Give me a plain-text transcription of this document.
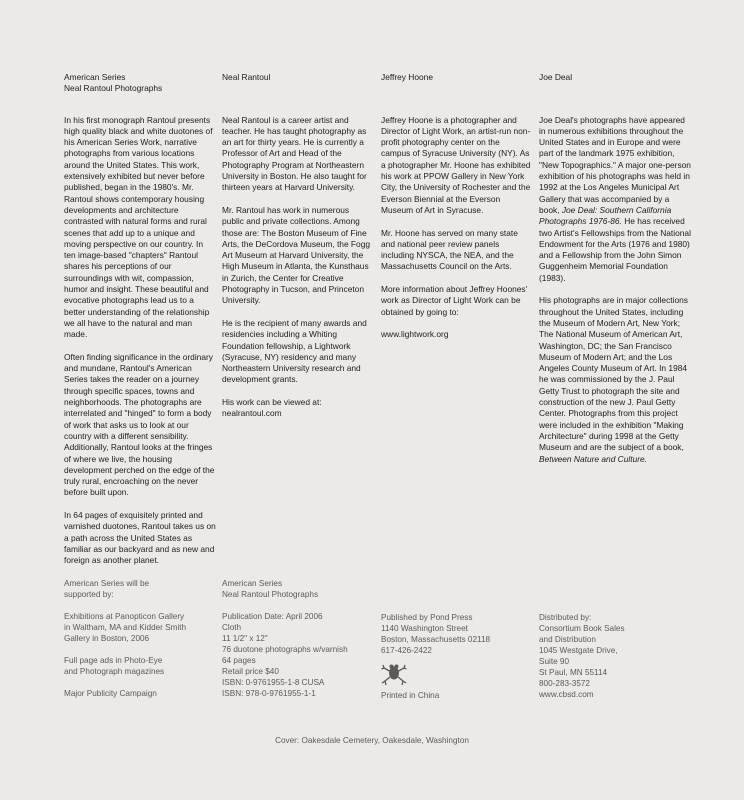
American Series
Neal Rantoul Photographs

In his first monograph Rantoul presents high quality black and white duotones of his American Series Work, narrative photographs from various locations around the United States. This work, extensively exhibited but never before published, began in the 1980's. Mr. Rantoul shows contemporary housing developments and architecture contrasted with natural forms and rural scenes that add up to a unique and moving perspective on our country. In ten image-based "chapters" Rantoul shares his perceptions of our surroundings with wit, compassion, humor and insight. These beautiful and evocative photographs lead us to a better understanding of the relationship we all have to the natural and man made.

Often finding significance in the ordinary and mundane, Rantoul's American Series takes the reader on a journey through specific spaces, towns and neighborhoods. The photographs are interrelated and "hinged" to form a body of work that asks us to look at our country with a different sensibility. Additionally, Rantoul looks at the fringes of where we live, the housing development perched on the edge of the truly rural, encroaching on the never before built upon.

In 64 pages of exquisitely printed and varnished duotones, Rantoul takes us on a path across the United States as familiar as our backyard and as new and foreign as another planet.

Neal Rantoul

Neal Rantoul is a career artist and teacher. He has taught photography as an art for thirty years. He is currently a Professor of Art and Head of the Photography Program at Northeastern University in Boston. He also taught for thirteen years at Harvard University.

Mr. Rantoul has work in numerous public and private collections. Among those are: The Boston Museum of Fine Arts, the DeCordova Museum, the Fogg Art Museum at Harvard University, the High Museum in Atlanta, the Kunsthaus in Zurich, the Center for Creative Photography in Tucson, and Princeton University.

He is the recipient of many awards and residencies including a Whiting Foundation fellowship, a Lightwork (Syracuse, NY) residency and many Northeastern University research and development grants.

His work can be viewed at:
nealrantoul.com

Jeffrey Hoone

Jeffrey Hoone is a photographer and Director of Light Work, an artist-run non-profit photography center on the campus of Syracuse University (NY). As a photographer Mr. Hoone has exhibited his work at PPOW Gallery in New York City, the University of Rochester and the Everson Biennial at the Everson Museum of Art in Syracuse.

Mr. Hoone has served on many state and national peer review panels including NYSCA, the NEA, and the Massachusetts Council on the Arts.

More information about Jeffrey Hoones' work as Director of Light Work can be obtained by going to:

www.lightwork.org

Joe Deal

Joe Deal's photographs have appeared in numerous exhibitions throughout the United States and in Europe and were part of the landmark 1975 exhibition, "New Topographics." A major one-person exhibition of his photographs was held in 1992 at the Los Angeles Municipal Art Gallery that was accompanied by a book, Joe Deal: Southern California Photographs 1976-86. He has received two Artist's Fellowships from the National Endowment for the Arts (1976 and 1980) and a Fellowship from the John Simon Guggenheim Memorial Foundation (1983).

His photographs are in major collections throughout the United States, including the Museum of Modern Art, New York; The National Museum of American Art, Washington, DC; the San Francisco Museum of Modern Art; and the Los Angeles County Museum of Art. In 1984 he was commissioned by the J. Paul Getty Trust to photograph the site and construction of the new J. Paul Getty Center. Photographs from this project were included in the exhibition "Making Architecture" during 1998 at the Getty Museum and are the subject of a book, Between Nature and Culture.

American Series will be
supported by:

Exhibitions at Panopticon Gallery
in Waltham, MA and Kidder Smith
Gallery in Boston, 2006

Full page ads in Photo-Eye
and Photograph magazines

Major Publicity Campaign

American Series
Neal Rantoul Photographs
Publication Date: April 2006
Cloth
11 1/2" x 12"
76 duotone photographs w/varnish
64 pages
Retail price $40
ISBN: 0-9761955-1-8 CUSA
ISBN: 978-0-9761955-1-1
Published by Pond Press
1140 Washington Street
Boston, Massachusetts 02118
617-426-2422
Printed in China
Distributed by:
Consortium Book Sales
and Distribution
1045 Westgate Drive,
Suite 90
St Paul, MN 55114
800-283-3572
www.cbsd.com
Cover: Oakesdale Cemetery, Oakesdale, Washington
